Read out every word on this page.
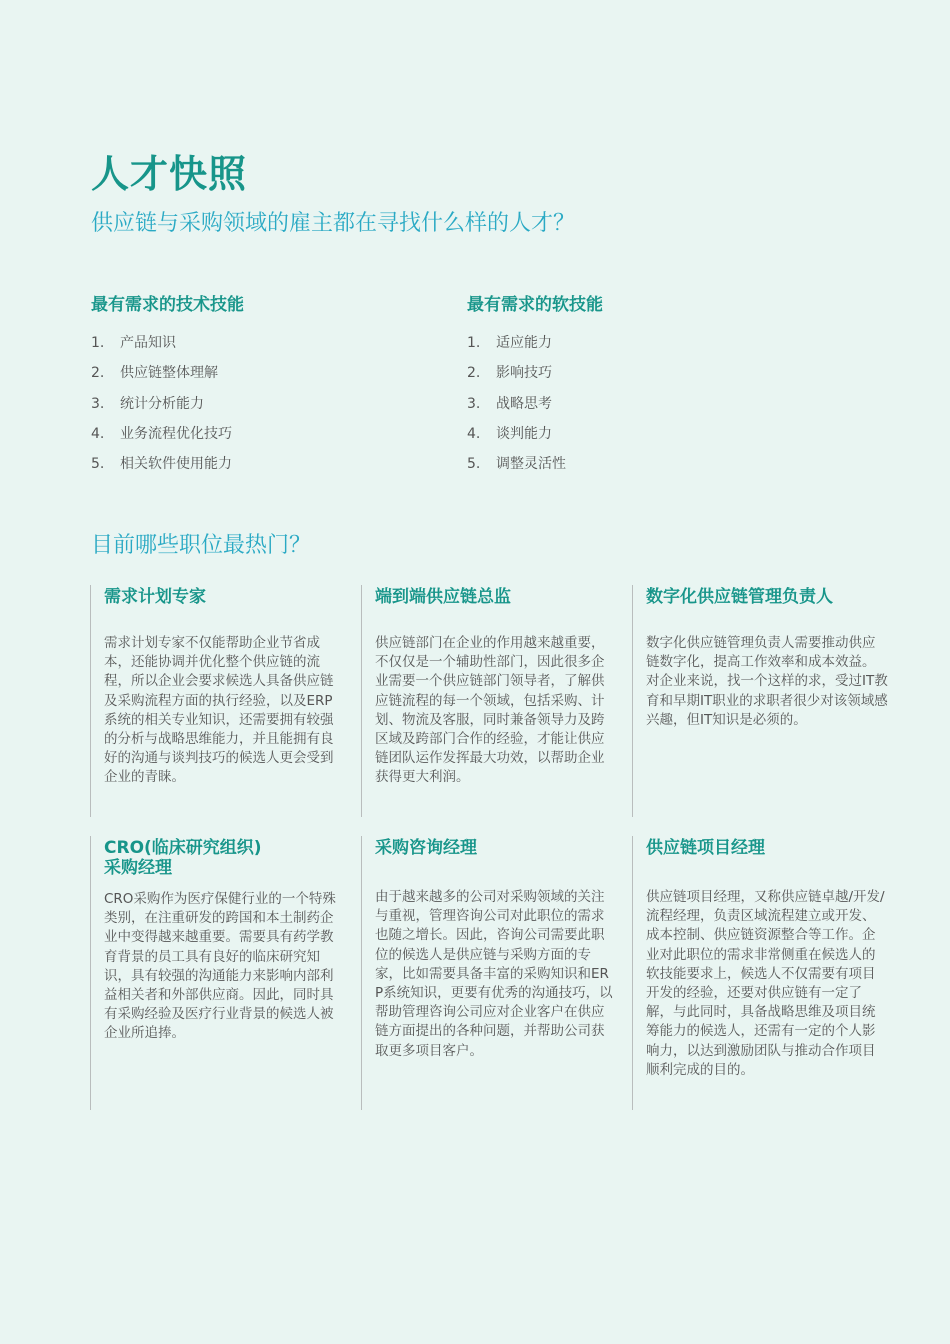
人才快照
供应链与采购领域的雇主都在寻找什么样的人才？
最有需求的技术技能
1.	产品知识
2.	供应链整体理解
3.	统计分析能力
4.	业务流程优化技巧
5.	相关软件使用能力
最有需求的软技能
1.	适应能力
2.	影响技巧
3.	战略思考
4.	谈判能力
5.	调整灵活性
目前哪些职位最热门？
需求计划专家
需求计划专家不仅能帮助企业节省成本，还能协调并优化整个供应链的流程，所以企业会要求候选人具备供应链及采购流程方面的执行经验，以及ERP系统的相关专业知识，还需要拥有较强的分析与战略思维能力，并且能拥有良好的沟通与谈判技巧的候选人更会受到企业的青睐。
端到端供应链总监
供应链部门在企业的作用越来越重要，不仅仅是一个辅助性部门，因此很多企业需要一个供应链部门领导者，了解供应链流程的每一个领域，包括采购、计划、物流及客服，同时兼备领导力及跨区域及跨部门合作的经验，才能让供应链团队运作发挥最大功效，以帮助企业获得更大利润。
数字化供应链管理负责人
数字化供应链管理负责人需要推动供应链数字化，提高工作效率和成本效益。对企业来说，找一个这样的求，受过IT教育和早期IT职业的求职者很少对该领域感兴趣，但IT知识是必须的。
CRO(临床研究组织)
采购经理
CRO采购作为医疗保健行业的一个特殊类别，在注重研发的跨国和本土制药企业中变得越来越重要。需要具有药学教育背景的员工具有良好的临床研究知识，具有较强的沟通能力来影响内部利益相关者和外部供应商。因此，同时具有采购经验及医疗行业背景的候选人被企业所追捧。
采购咨询经理
由于越来越多的公司对采购领域的关注与重视，管理咨询公司对此职位的需求也随之增长。因此，咨询公司需要此职位的候选人是供应链与采购方面的专家，比如需要具备丰富的采购知识和ERP系统知识，更要有优秀的沟通技巧，以帮助管理咨询公司应对企业客户在供应链方面提出的各种问题，并帮助公司获取更多项目客户。
供应链项目经理
供应链项目经理，又称供应链卓越/开发/流程经理，负责区域流程建立或开发、成本控制、供应链资源整合等工作。企业对此职位的需求非常侧重在候选人的软技能要求上，候选人不仅需要有项目开发的经验，还要对供应链有一定了解，与此同时，具备战略思维及项目统筹能力的候选人，还需有一定的个人影响力，以达到激励团队与推动合作项目顺利完成的目的。
